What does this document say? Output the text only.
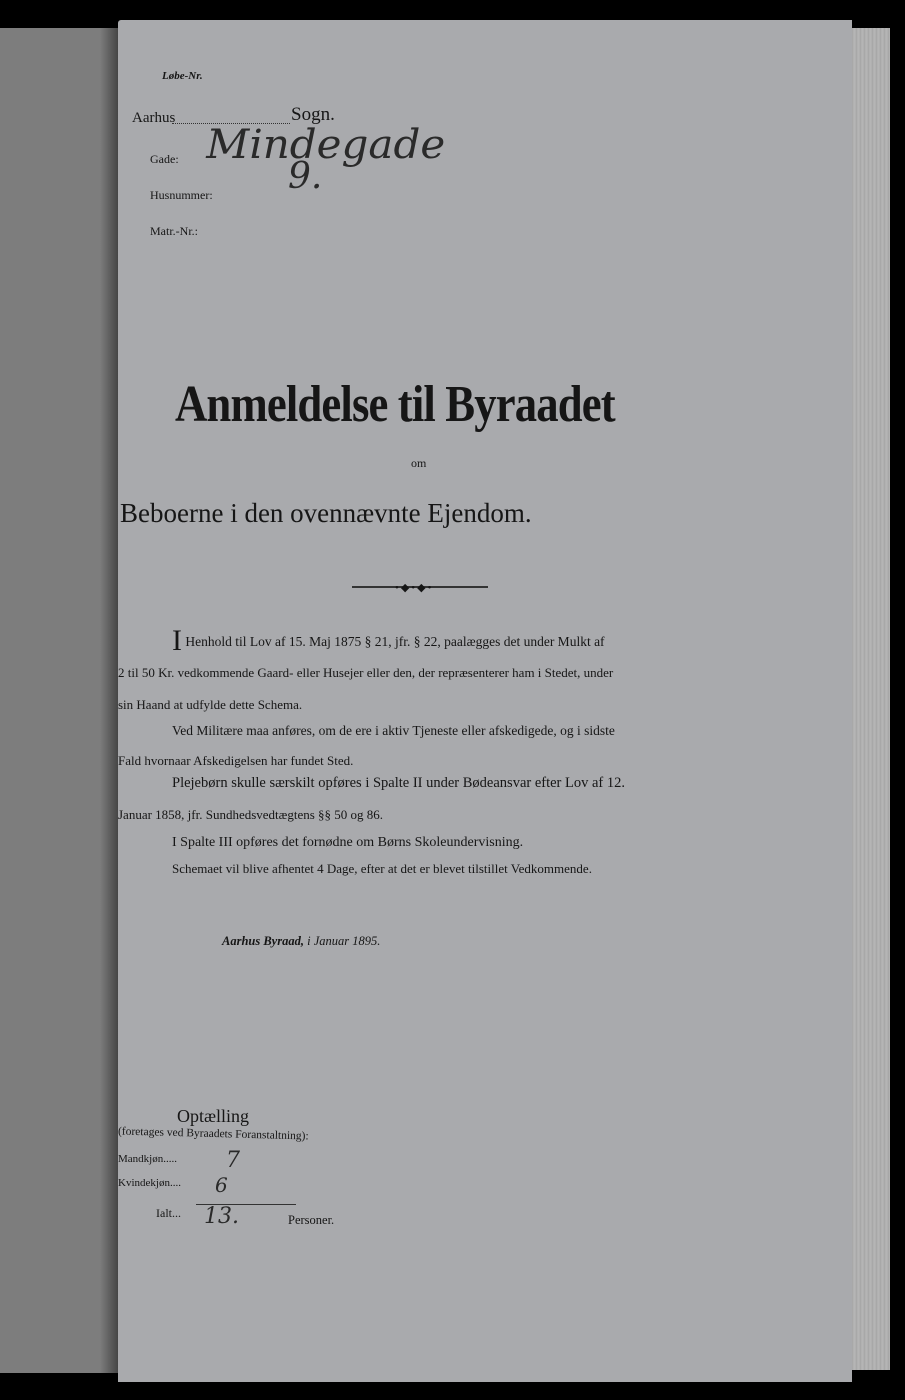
Løbe-Nr.
Aarhus	Sogn.
Gade: Mindegade
Husnummer: 9.
Matr.-Nr.:
Anmeldelse til Byraadet
om
Beboerne i den ovennævnte Ejendom.
•◆•◆•
I Henhold til Lov af 15. Maj 1875 § 21, jfr. § 22, paalægges det under Mulkt af
2 til 50 Kr. vedkommende Gaard- eller Husejer eller den, der repræsenterer ham i Stedet, under
sin Haand at udfylde dette Schema.
Ved Militære maa anføres, om de ere i aktiv Tjeneste eller afskedigede, og i sidste
Fald hvornaar Afskedigelsen har fundet Sted.
Plejebørn skulle særskilt opføres i Spalte II under Bødeansvar efter Lov af 12.
Januar 1858, jfr. Sundhedsvedtægtens §§ 50 og 86.
I Spalte III opføres det fornødne om Børns Skoleundervisning.
Schemaet vil blive afhentet 4 Dage, efter at det er blevet tilstillet Vedkommende.
Aarhus Byraad, i Januar 1895.
Optælling
(foretages ved Byraadets Foranstaltning):
Mandkjøn..... 7
Kvindekjøn.... 6
Ialt... 13.	Personer.
